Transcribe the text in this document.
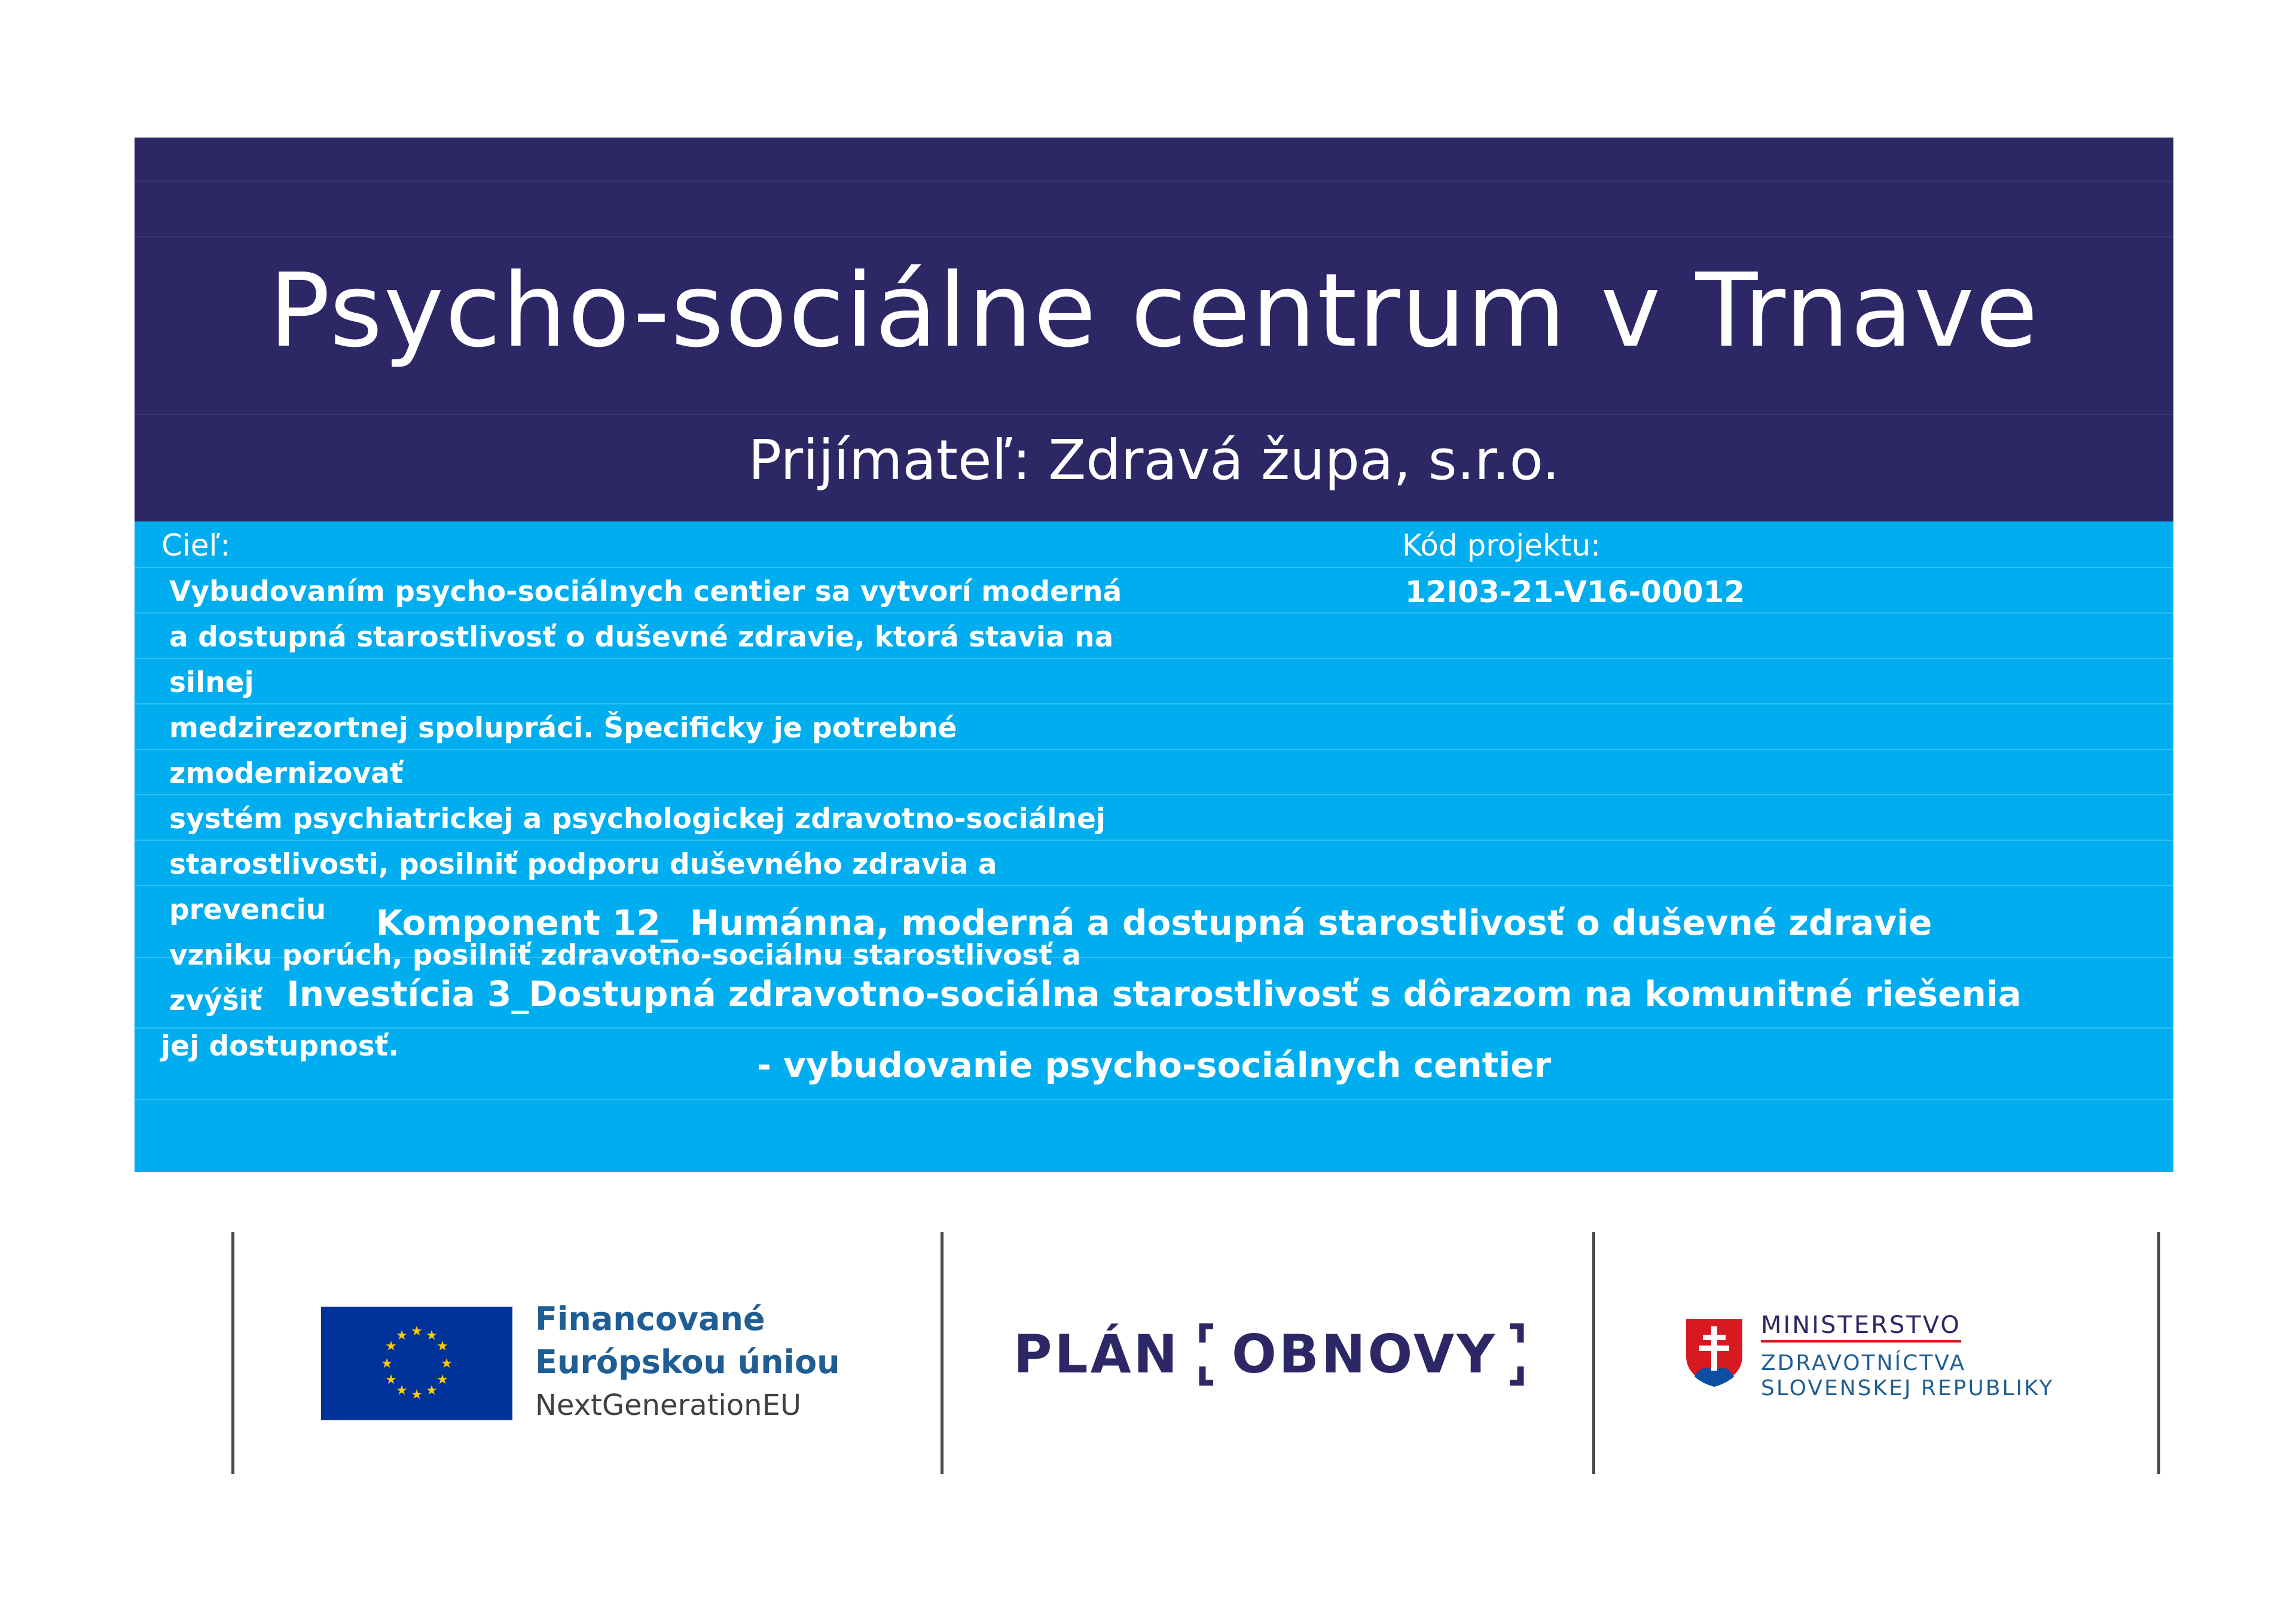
Psycho-sociálne centrum v Trnave
Prijímateľ: Zdravá župa, s.r.o.
Cieľ:
Vybudovaním psycho-sociálnych centier sa vytvorí moderná
a dostupná starostlivosť o duševné zdravie, ktorá stavia na silnej
medzirezortnej spolupráci. Špecificky je potrebné zmodernizovať
systém psychiatrickej a psychologickej zdravotno-sociálnej
starostlivosti, posilniť podporu duševného zdravia a prevenciu
vzniku porúch, posilniť zdravotno-sociálnu starostlivosť a zvýšiť
jej dostupnosť.
Kód projektu:
12I03-21-V16-00012
Komponent 12_ Humánna, moderná a dostupná starostlivosť o duševné zdravie
Investícia 3_Dostupná zdravotno-sociálna starostlivosť s dôrazom na komunitné riešenia
- vybudovanie psycho-sociálnych centier
★ ★
★
★
★
★
★
★
★
★
★
★	Financované
Európskou úniou
NextGenerationEU
PLÁN OBNOVY	MINISTERSTVO
ZDRAVOTNÍCTVA
SLOVENSKEJ REPUBLIKY
